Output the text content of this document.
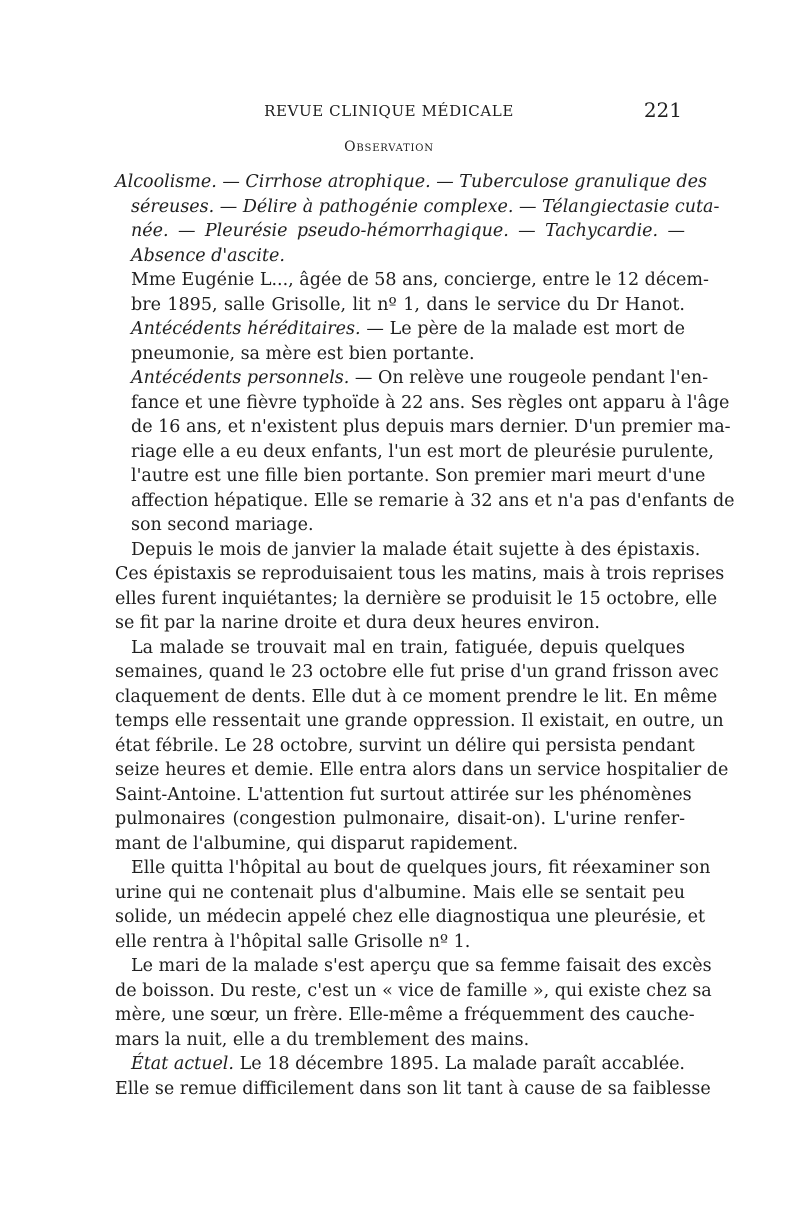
REVUE CLINIQUE MÉDICALE	221
Observation
Alcoolisme. — Cirrhose atrophique. — Tuberculose granulique des
séreuses. — Délire à pathogénie complexe. — Télangiectasie cuta-
née. — Pleurésie pseudo-hémorrhagique. — Tachycardie. —
Absence d'ascite.
Mme Eugénie L..., âgée de 58 ans, concierge, entre le 12 décem-
bre 1895, salle Grisolle, lit nº 1, dans le service du Dr Hanot.
Antécédents héréditaires. — Le père de la malade est mort de
pneumonie, sa mère est bien portante.
Antécédents personnels. — On relève une rougeole pendant l'en-
fance et une fièvre typhoïde à 22 ans. Ses règles ont apparu à l'âge
de 16 ans, et n'existent plus depuis mars dernier. D'un premier ma-
riage elle a eu deux enfants, l'un est mort de pleurésie purulente,
l'autre est une fille bien portante. Son premier mari meurt d'une
affection hépatique. Elle se remarie à 32 ans et n'a pas d'enfants de
son second mariage.
Depuis le mois de janvier la malade était sujette à des épistaxis.
Ces épistaxis se reproduisaient tous les matins, mais à trois reprises
elles furent inquiétantes; la dernière se produisit le 15 octobre, elle
se fit par la narine droite et dura deux heures environ.
La malade se trouvait mal en train, fatiguée, depuis quelques
semaines, quand le 23 octobre elle fut prise d'un grand frisson avec
claquement de dents. Elle dut à ce moment prendre le lit. En même
temps elle ressentait une grande oppression. Il existait, en outre, un
état fébrile. Le 28 octobre, survint un délire qui persista pendant
seize heures et demie. Elle entra alors dans un service hospitalier de
Saint-Antoine. L'attention fut surtout attirée sur les phénomènes
pulmonaires (congestion pulmonaire, disait-on). L'urine renfer-
mant de l'albumine, qui disparut rapidement.
Elle quitta l'hôpital au bout de quelques jours, fit réexaminer son
urine qui ne contenait plus d'albumine. Mais elle se sentait peu
solide, un médecin appelé chez elle diagnostiqua une pleurésie, et
elle rentra à l'hôpital salle Grisolle nº 1.
Le mari de la malade s'est aperçu que sa femme faisait des excès
de boisson. Du reste, c'est un « vice de famille », qui existe chez sa
mère, une sœur, un frère. Elle-même a fréquemment des cauche-
mars la nuit, elle a du tremblement des mains.
État actuel. Le 18 décembre 1895. La malade paraît accablée.
Elle se remue difficilement dans son lit tant à cause de sa faiblesse
